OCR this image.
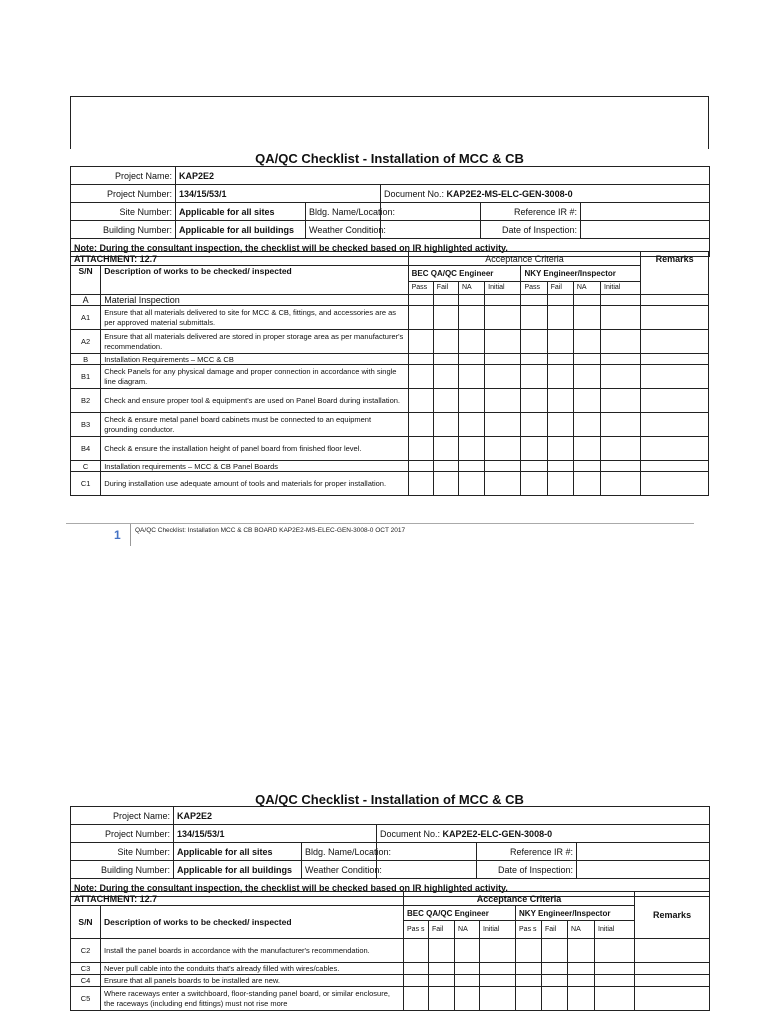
QA/QC Checklist - Installation of MCC & CB
Project Name:	KAP2E2				
Project Number:	134/15/53/1		Document No.: KAP2E2-MS-ELC-GEN-3008-0		
Site Number:	Applicable for all sites	Bldg. Name/Location:		Reference IR #:	
Building Number:	Applicable for all buildings	Weather Condition:		Date of Inspection:	
Note: During the consultant inspection, the checklist will be checked based on IR highlighted activity.					
ATTACHMENT: 12.7		Acceptance Criteria								Remarks
S/N	Description of works to be checked/ inspected	BEC QA/QC Engineer				NKY Engineer/Inspector				
		Pass	Fail	NA	Initial	Pass	Fail	NA	Initial	
A	Material Inspection									
A1	Ensure that all materials delivered to site for MCC & CB, fittings, and accessories are as per approved material submittals.									
A2	Ensure that all materials delivered are stored in proper storage area as per manufacturer's recommendation.									
B	Installation Requirements – MCC & CB									
B1	Check Panels for any physical damage and proper connection in accordance with single line diagram.									
B2	Check and ensure proper tool & equipment's are used on Panel Board during installation.									
B3	Check & ensure metal panel board cabinets must be connected to an equipment grounding conductor.									
B4	Check & ensure the installation height of panel board from finished floor level.									
C	Installation requirements – MCC & CB Panel Boards									
C1	During installation use adequate amount of tools and materials for proper installation.									
1 QA/QC Checklist: Installation MCC & CB BOARD KAP2E2-MS-ELEC-GEN-3008-0 OCT 2017
QA/QC Checklist - Installation of MCC & CB
Project Name:	KAP2E2				
Project Number:	134/15/53/1		Document No.: KAP2E2-ELC-GEN-3008-0		
Site Number:	Applicable for all sites	Bldg. Name/Location:		Reference IR #:	
Building Number:	Applicable for all buildings	Weather Condition:		Date of Inspection:	
Note: During the consultant inspection, the checklist will be checked based on IR highlighted activity.					
ATTACHMENT: 12.7		Acceptance Criteria								Remarks
S/N	Description of works to be checked/ inspected	BEC QA/QC Engineer				NKY Engineer/Inspector				
		Pas s	Fail	NA	Initial	Pas s	Fail	NA	Initial	
C2	Install the panel boards in accordance with the manufacturer's recommendation.									
C3	Never pull cable into the conduits that's already filled with wires/cables.									
C4	Ensure that all panels boards to be installed are new.									
C5	Where raceways enter a switchboard, floor-standing panel board, or similar enclosure, the raceways (including end fittings) must not rise more									
